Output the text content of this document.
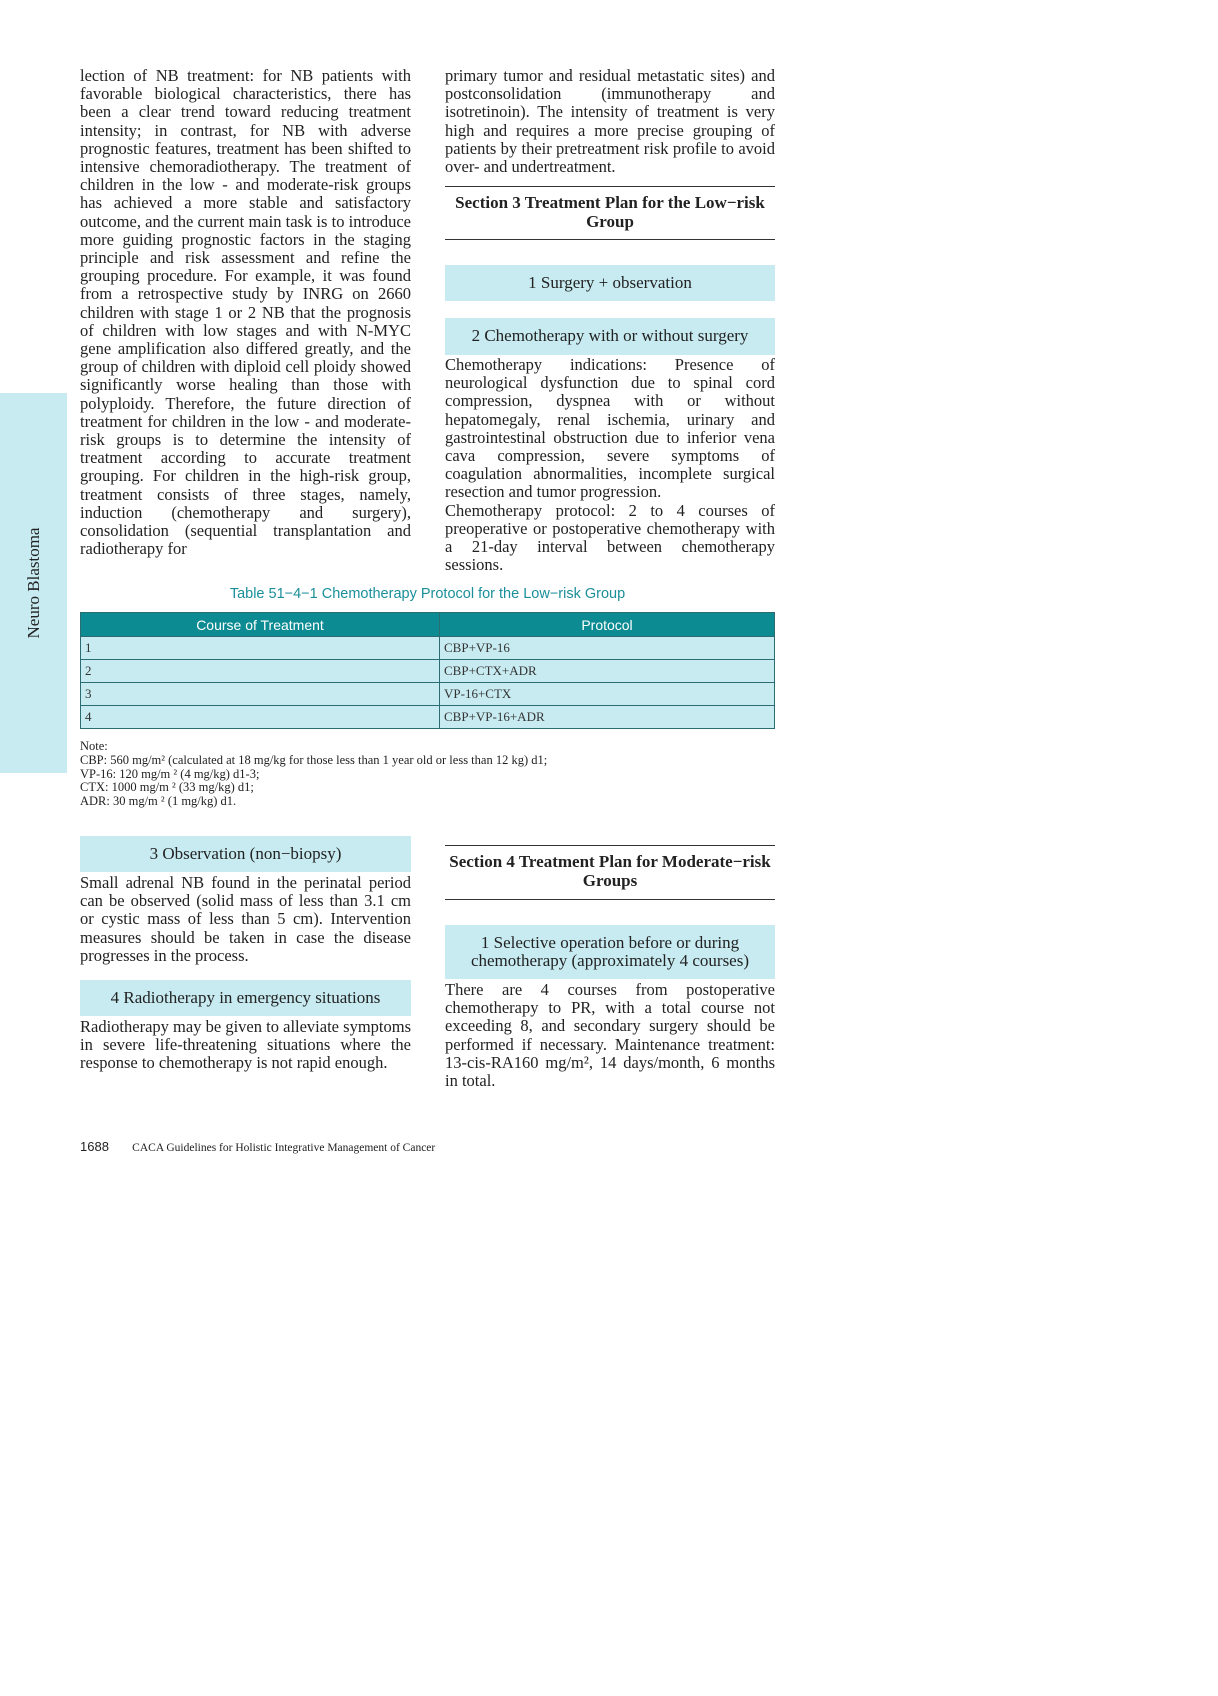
Neuro Blastoma

lection of NB treatment: for NB patients with favorable biological characteristics, there has been a clear trend toward reducing treatment intensity; in contrast, for NB with adverse prognostic features, treatment has been shifted to intensive chemoradiotherapy. The treatment of children in the low - and moderate-risk groups has achieved a more stable and satisfactory outcome, and the current main task is to introduce more guiding prognostic factors in the staging principle and risk assessment and refine the grouping procedure. For example, it was found from a retrospective study by INRG on 2660 children with stage 1 or 2 NB that the prognosis of children with low stages and with N-MYC gene amplification also differed greatly, and the group of children with diploid cell ploidy showed significantly worse healing than those with polyploidy. Therefore, the future direction of treatment for children in the low - and moderate-risk groups is to determine the intensity of treatment according to accurate treatment grouping. For children in the high-risk group, treatment consists of three stages, namely, induction (chemotherapy and surgery), consolidation (sequential transplantation and radiotherapy for

primary tumor and residual metastatic sites) and postconsolidation (immunotherapy and isotretinoin). The intensity of treatment is very high and requires a more precise grouping of patients by their pretreatment risk profile to avoid over- and undertreatment.

Section 3 Treatment Plan for the Low−risk Group
1 Surgery + observation
2 Chemotherapy with or without surgery

Chemotherapy indications: Presence of neurological dysfunction due to spinal cord compression, dyspnea with or without hepatomegaly, renal ischemia, urinary and gastrointestinal obstruction due to inferior vena cava compression, severe symptoms of coagulation abnormalities, incomplete surgical resection and tumor progression.

Chemotherapy protocol: 2 to 4 courses of preoperative or postoperative chemotherapy with a 21-day interval between chemotherapy sessions.

Table 51−4−1 Chemotherapy Protocol for the Low−risk Group
Course of Treatment	Protocol
1	CBP+VP-16
2	CBP+CTX+ADR
3	VP-16+CTX
4	CBP+VP-16+ADR
Note:
CBP: 560 mg/m² (calculated at 18 mg/kg for those less than 1 year old or less than 12 kg) d1;
VP-16: 120 mg/m ² (4 mg/kg) d1-3;
CTX: 1000 mg/m ² (33 mg/kg) d1;
ADR: 30 mg/m ² (1 mg/kg) d1.
3 Observation (non−biopsy)

Small adrenal NB found in the perinatal period can be observed (solid mass of less than 3.1 cm or cystic mass of less than 5 cm). Intervention measures should be taken in case the disease progresses in the process.

4 Radiotherapy in emergency situations

Radiotherapy may be given to alleviate symptoms in severe life-threatening situations where the response to chemotherapy is not rapid enough.

Section 4 Treatment Plan for Moderate−risk Groups
1 Selective operation before or during chemotherapy (approximately 4 courses)

There are 4 courses from postoperative chemotherapy to PR, with a total course not exceeding 8, and secondary surgery should be performed if necessary. Maintenance treatment: 13-cis-RA160 mg/m², 14 days/month, 6 months in total.

1688 CACA Guidelines for Holistic Integrative Management of Cancer
